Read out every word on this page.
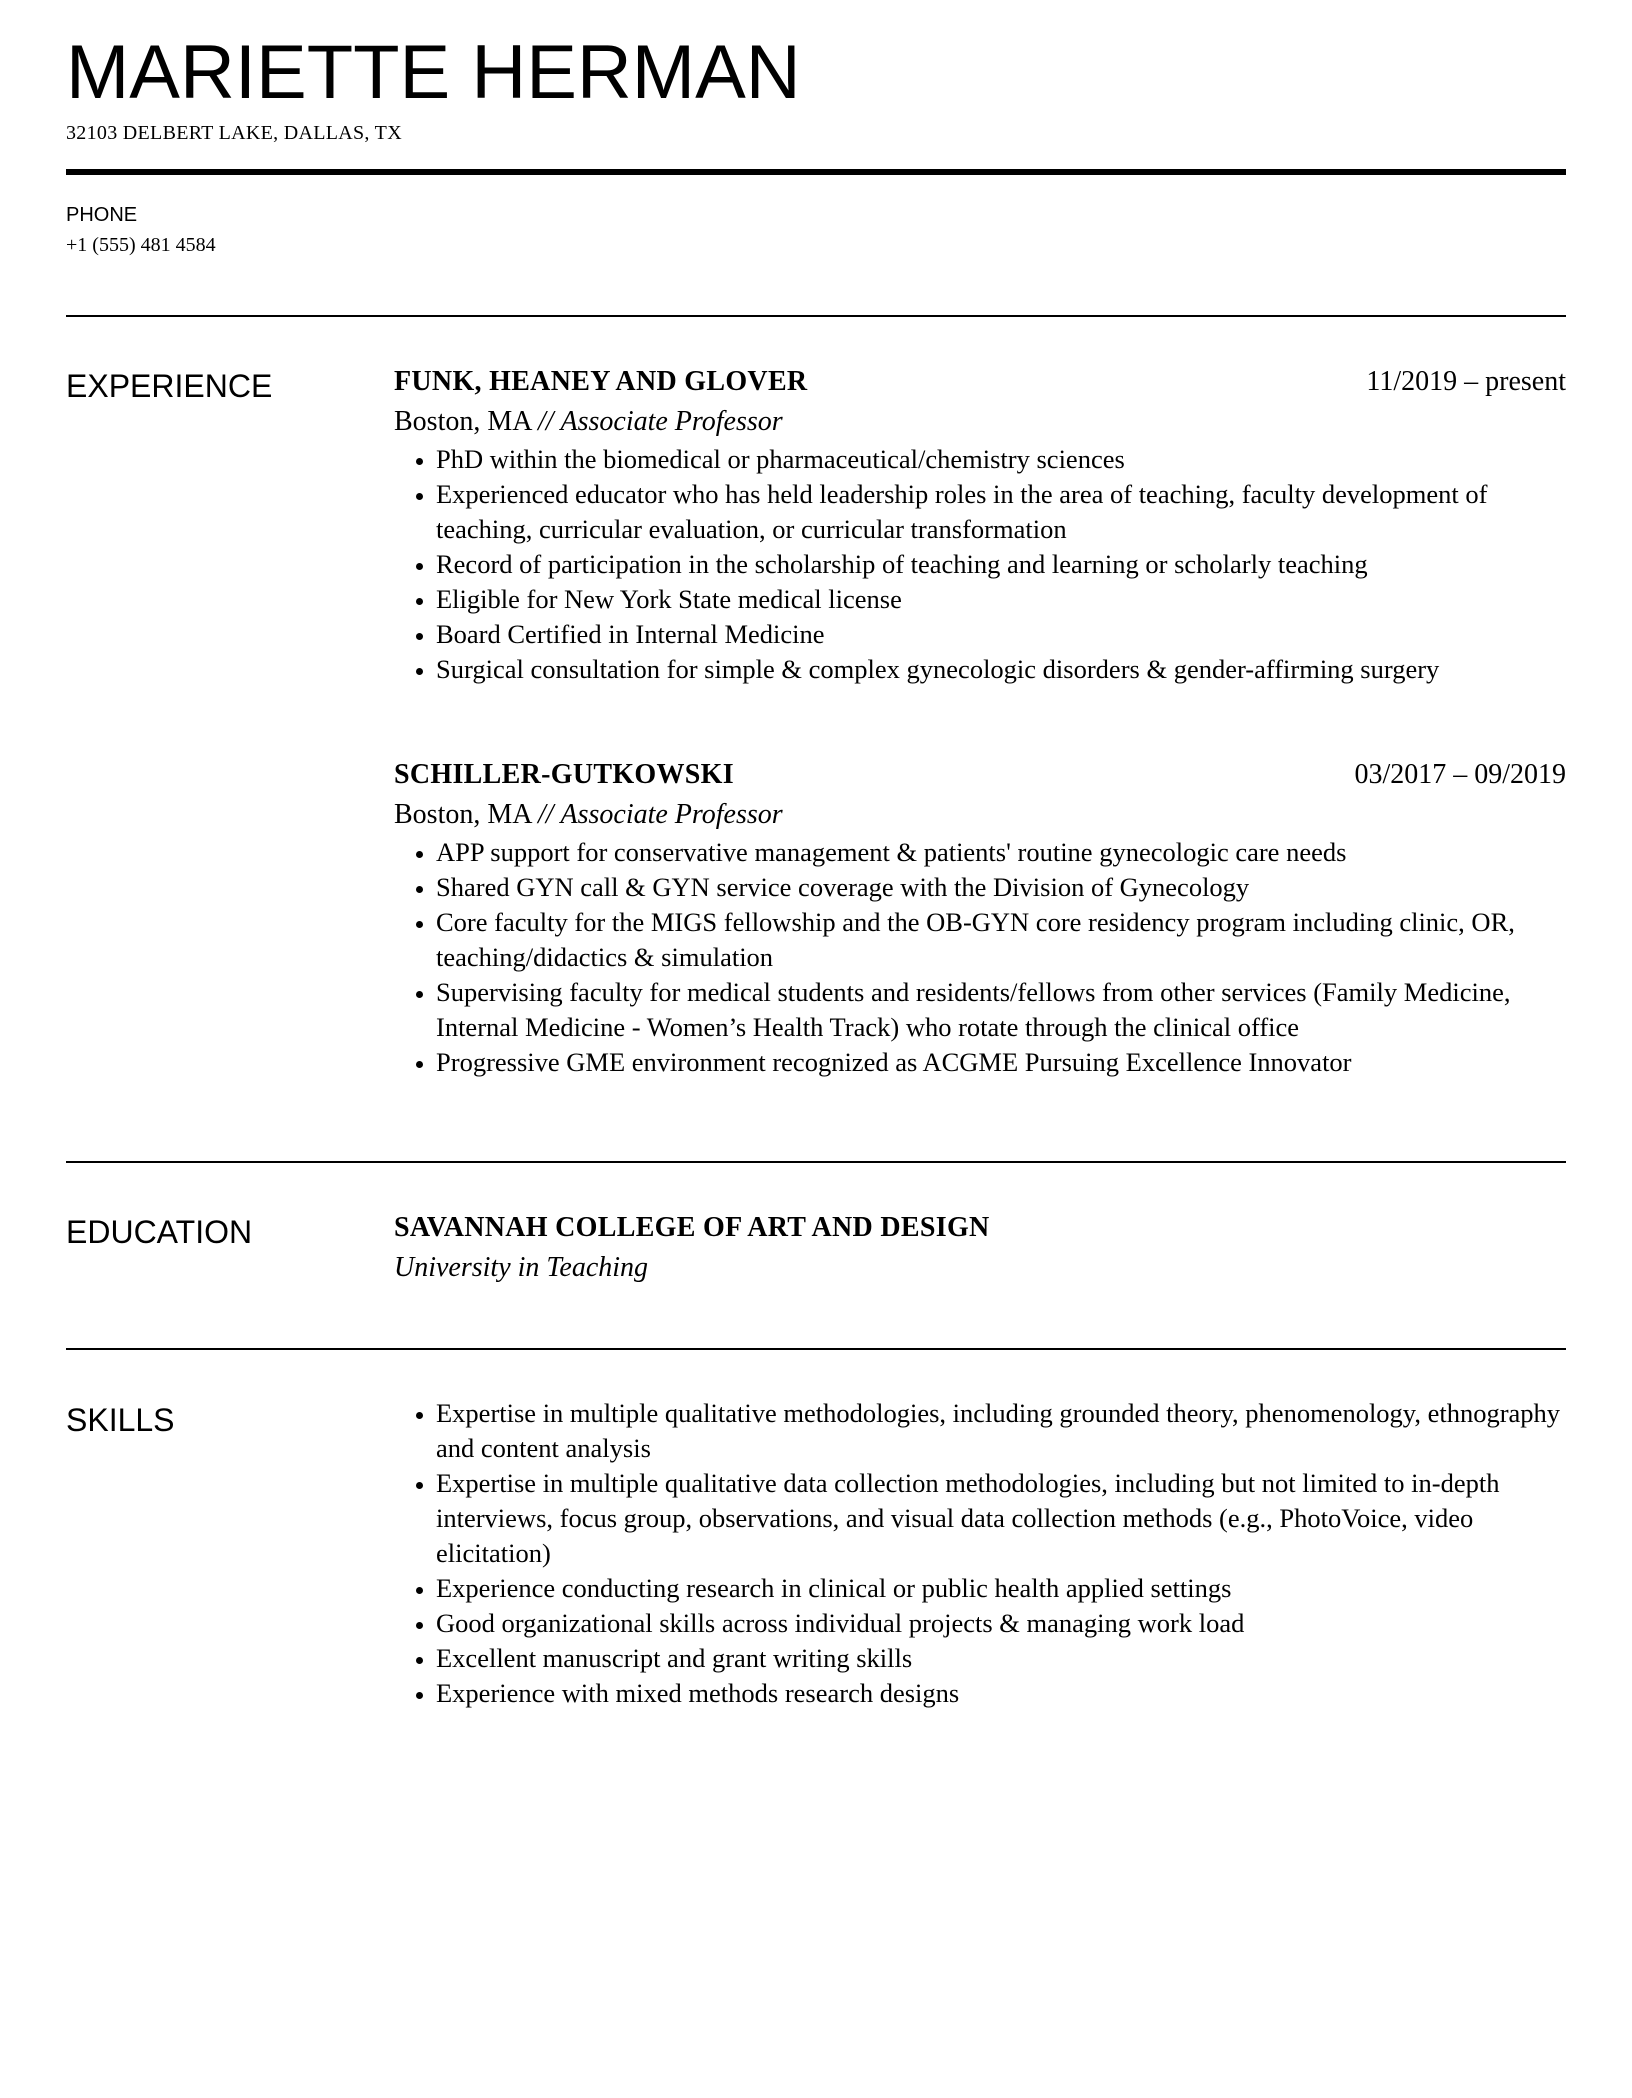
MARIETTE HERMAN
32103 DELBERT LAKE, DALLAS, TX
PHONE
+1 (555) 481 4584
EXPERIENCE	FUNK, HEANEY AND GLOVER	11/2019 – present
Boston, MA // Associate Professor
• PhD within the biomedical or pharmaceutical/chemistry sciences
• Experienced educator who has held leadership roles in the area of teaching, faculty development of teaching, curricular evaluation, or curricular transformation
• Record of participation in the scholarship of teaching and learning or scholarly teaching
• Eligible for New York State medical license
• Board Certified in Internal Medicine
• Surgical consultation for simple & complex gynecologic disorders & gender-affirming surgery
SCHILLER-GUTKOWSKI	03/2017 – 09/2019
Boston, MA // Associate Professor
• APP support for conservative management & patients' routine gynecologic care needs
• Shared GYN call & GYN service coverage with the Division of Gynecology
• Core faculty for the MIGS fellowship and the OB-GYN core residency program including clinic, OR, teaching/didactics & simulation
• Supervising faculty for medical students and residents/fellows from other services (Family Medicine, Internal Medicine - Women’s Health Track) who rotate through the clinical office
• Progressive GME environment recognized as ACGME Pursuing Excellence Innovator
EDUCATION	SAVANNAH COLLEGE OF ART AND DESIGN
University in Teaching
SKILLS
•	Expertise in multiple qualitative methodologies, including grounded theory, phenomenology, ethnography and content analysis
• Expertise in multiple qualitative data collection methodologies, including but not limited to in-depth interviews, focus group, observations, and visual data collection methods (e.g., PhotoVoice, video elicitation)
• Experience conducting research in clinical or public health applied settings
• Good organizational skills across individual projects & managing work load
• Excellent manuscript and grant writing skills
• Experience with mixed methods research designs
